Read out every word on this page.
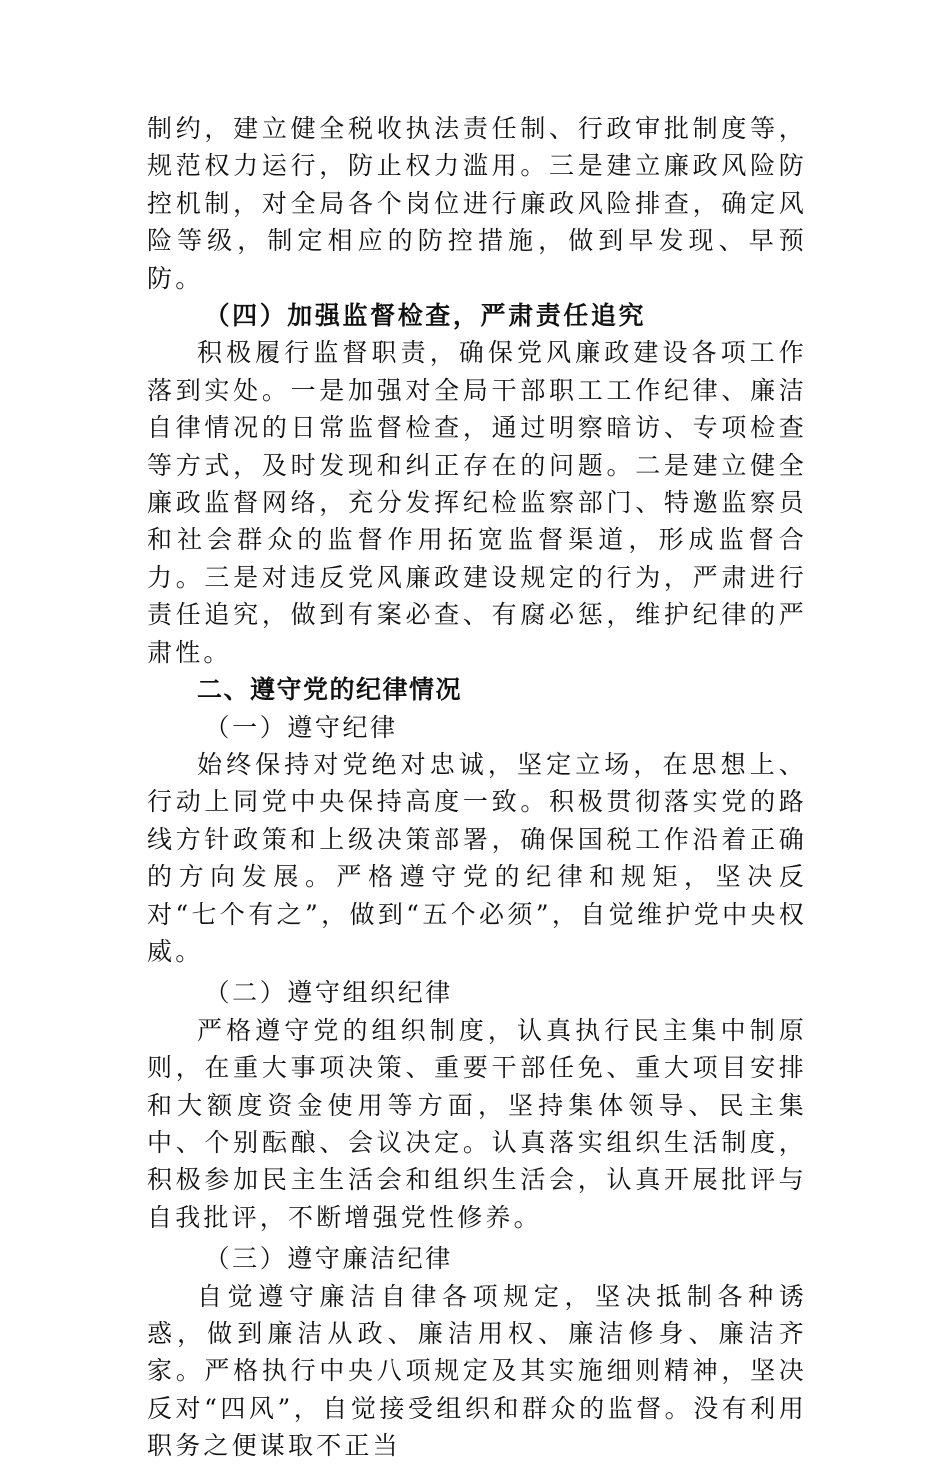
制约，建立健全税收执法责任制、行政审批制度等，规范权力运行，防止权力滥用。三是建立廉政风险防控机制，对全局各个岗位进行廉政风险排查，确定风险等级，制定相应的防控措施，做到早发现、早预防。

（四）加强监督检查，严肃责任追究

积极履行监督职责，确保党风廉政建设各项工作落到实处。一是加强对全局干部职工工作纪律、廉洁自律情况的日常监督检查，通过明察暗访、专项检查等方式，及时发现和纠正存在的问题。二是建立健全廉政监督网络，充分发挥纪检监察部门、特邀监察员和社会群众的监督作用拓宽监督渠道，形成监督合力。三是对违反党风廉政建设规定的行为，严肃进行责任追究，做到有案必查、有腐必惩，维护纪律的严肃性。

二、遵守党的纪律情况

（一）遵守纪律

始终保持对党绝对忠诚，坚定立场，在思想上、行动上同党中央保持高度一致。积极贯彻落实党的路线方针政策和上级决策部署，确保国税工作沿着正确的方向发展。严格遵守党的纪律和规矩，坚决反对“七个有之”，做到“五个必须”，自觉维护党中央权威。

（二）遵守组织纪律

严格遵守党的组织制度，认真执行民主集中制原则，在重大事项决策、重要干部任免、重大项目安排和大额度资金使用等方面，坚持集体领导、民主集中、个别酝酿、会议决定。认真落实组织生活制度，积极参加民主生活会和组织生活会，认真开展批评与自我批评，不断增强党性修养。

（三）遵守廉洁纪律

自觉遵守廉洁自律各项规定，坚决抵制各种诱惑，做到廉洁从政、廉洁用权、廉洁修身、廉洁齐家。严格执行中央八项规定及其实施细则精神，坚决反对“四风”，自觉接受组织和群众的监督。没有利用职务之便谋取不正当
